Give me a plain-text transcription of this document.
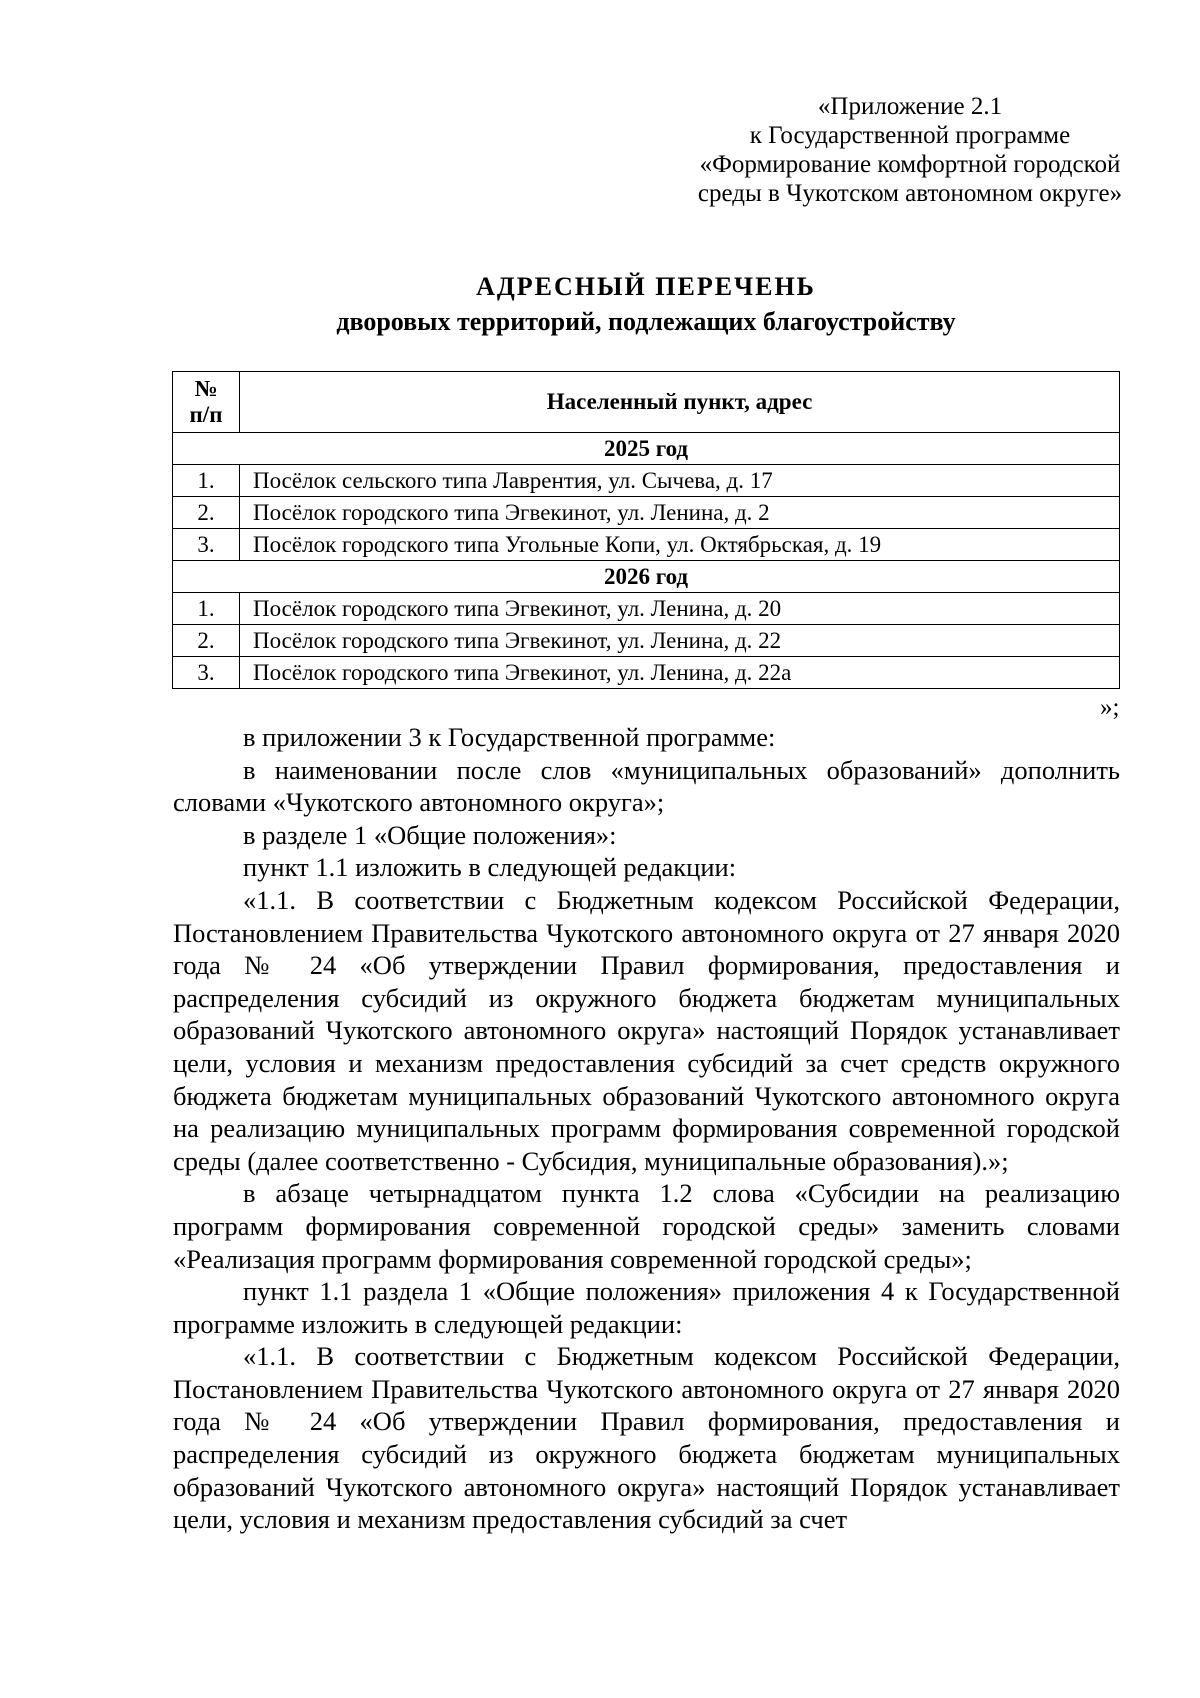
«Приложение 2.1
к Государственной программе
«Формирование комфортной городской
среды в Чукотском автономном округе»
АДРЕСНЫЙ ПЕРЕЧЕНЬ
дворовых территорий, подлежащих благоустройству
№
п/п	Населенный пункт, адрес
2025 год	
1.	Посёлок сельского типа Лаврентия, ул. Сычева, д. 17
2.	Посёлок городского типа Эгвекинот, ул. Ленина, д. 2
3.	Посёлок городского типа Угольные Копи, ул. Октябрьская, д. 19
2026 год	
1.	Посёлок городского типа Эгвекинот, ул. Ленина, д. 20
2.	Посёлок городского типа Эгвекинот, ул. Ленина, д. 22
3.	Посёлок городского типа Эгвекинот, ул. Ленина, д. 22а
»;

в приложении 3 к Государственной программе:

в наименовании после слов «муниципальных образований» дополнить словами «Чукотского автономного округа»;

в разделе 1 «Общие положения»:

пункт 1.1 изложить в следующей редакции:

«1.1. В соответствии с Бюджетным кодексом Российской Федерации, Постановлением Правительства Чукотского автономного округа от 27 января 2020 года № 24 «Об утверждении Правил формирования, предоставления и распределения субсидий из окружного бюджета бюджетам муниципальных образований Чукотского автономного округа» настоящий Порядок устанавливает цели, условия и механизм предоставления субсидий за счет средств окружного бюджета бюджетам муниципальных образований Чукотского автономного округа на реализацию муниципальных программ формирования современной городской среды (далее соответственно - Субсидия, муниципальные образования).»;

в абзаце четырнадцатом пункта 1.2 слова «Субсидии на реализацию программ формирования современной городской среды» заменить словами «Реализация программ формирования современной городской среды»;

пункт 1.1 раздела 1 «Общие положения» приложения 4 к Государственной программе изложить в следующей редакции:

«1.1. В соответствии с Бюджетным кодексом Российской Федерации, Постановлением Правительства Чукотского автономного округа от 27 января 2020 года № 24 «Об утверждении Правил формирования, предоставления и распределения субсидий из окружного бюджета бюджетам муниципальных образований Чукотского автономного округа» настоящий Порядок устанавливает цели, условия и механизм предоставления субсидий за счет
